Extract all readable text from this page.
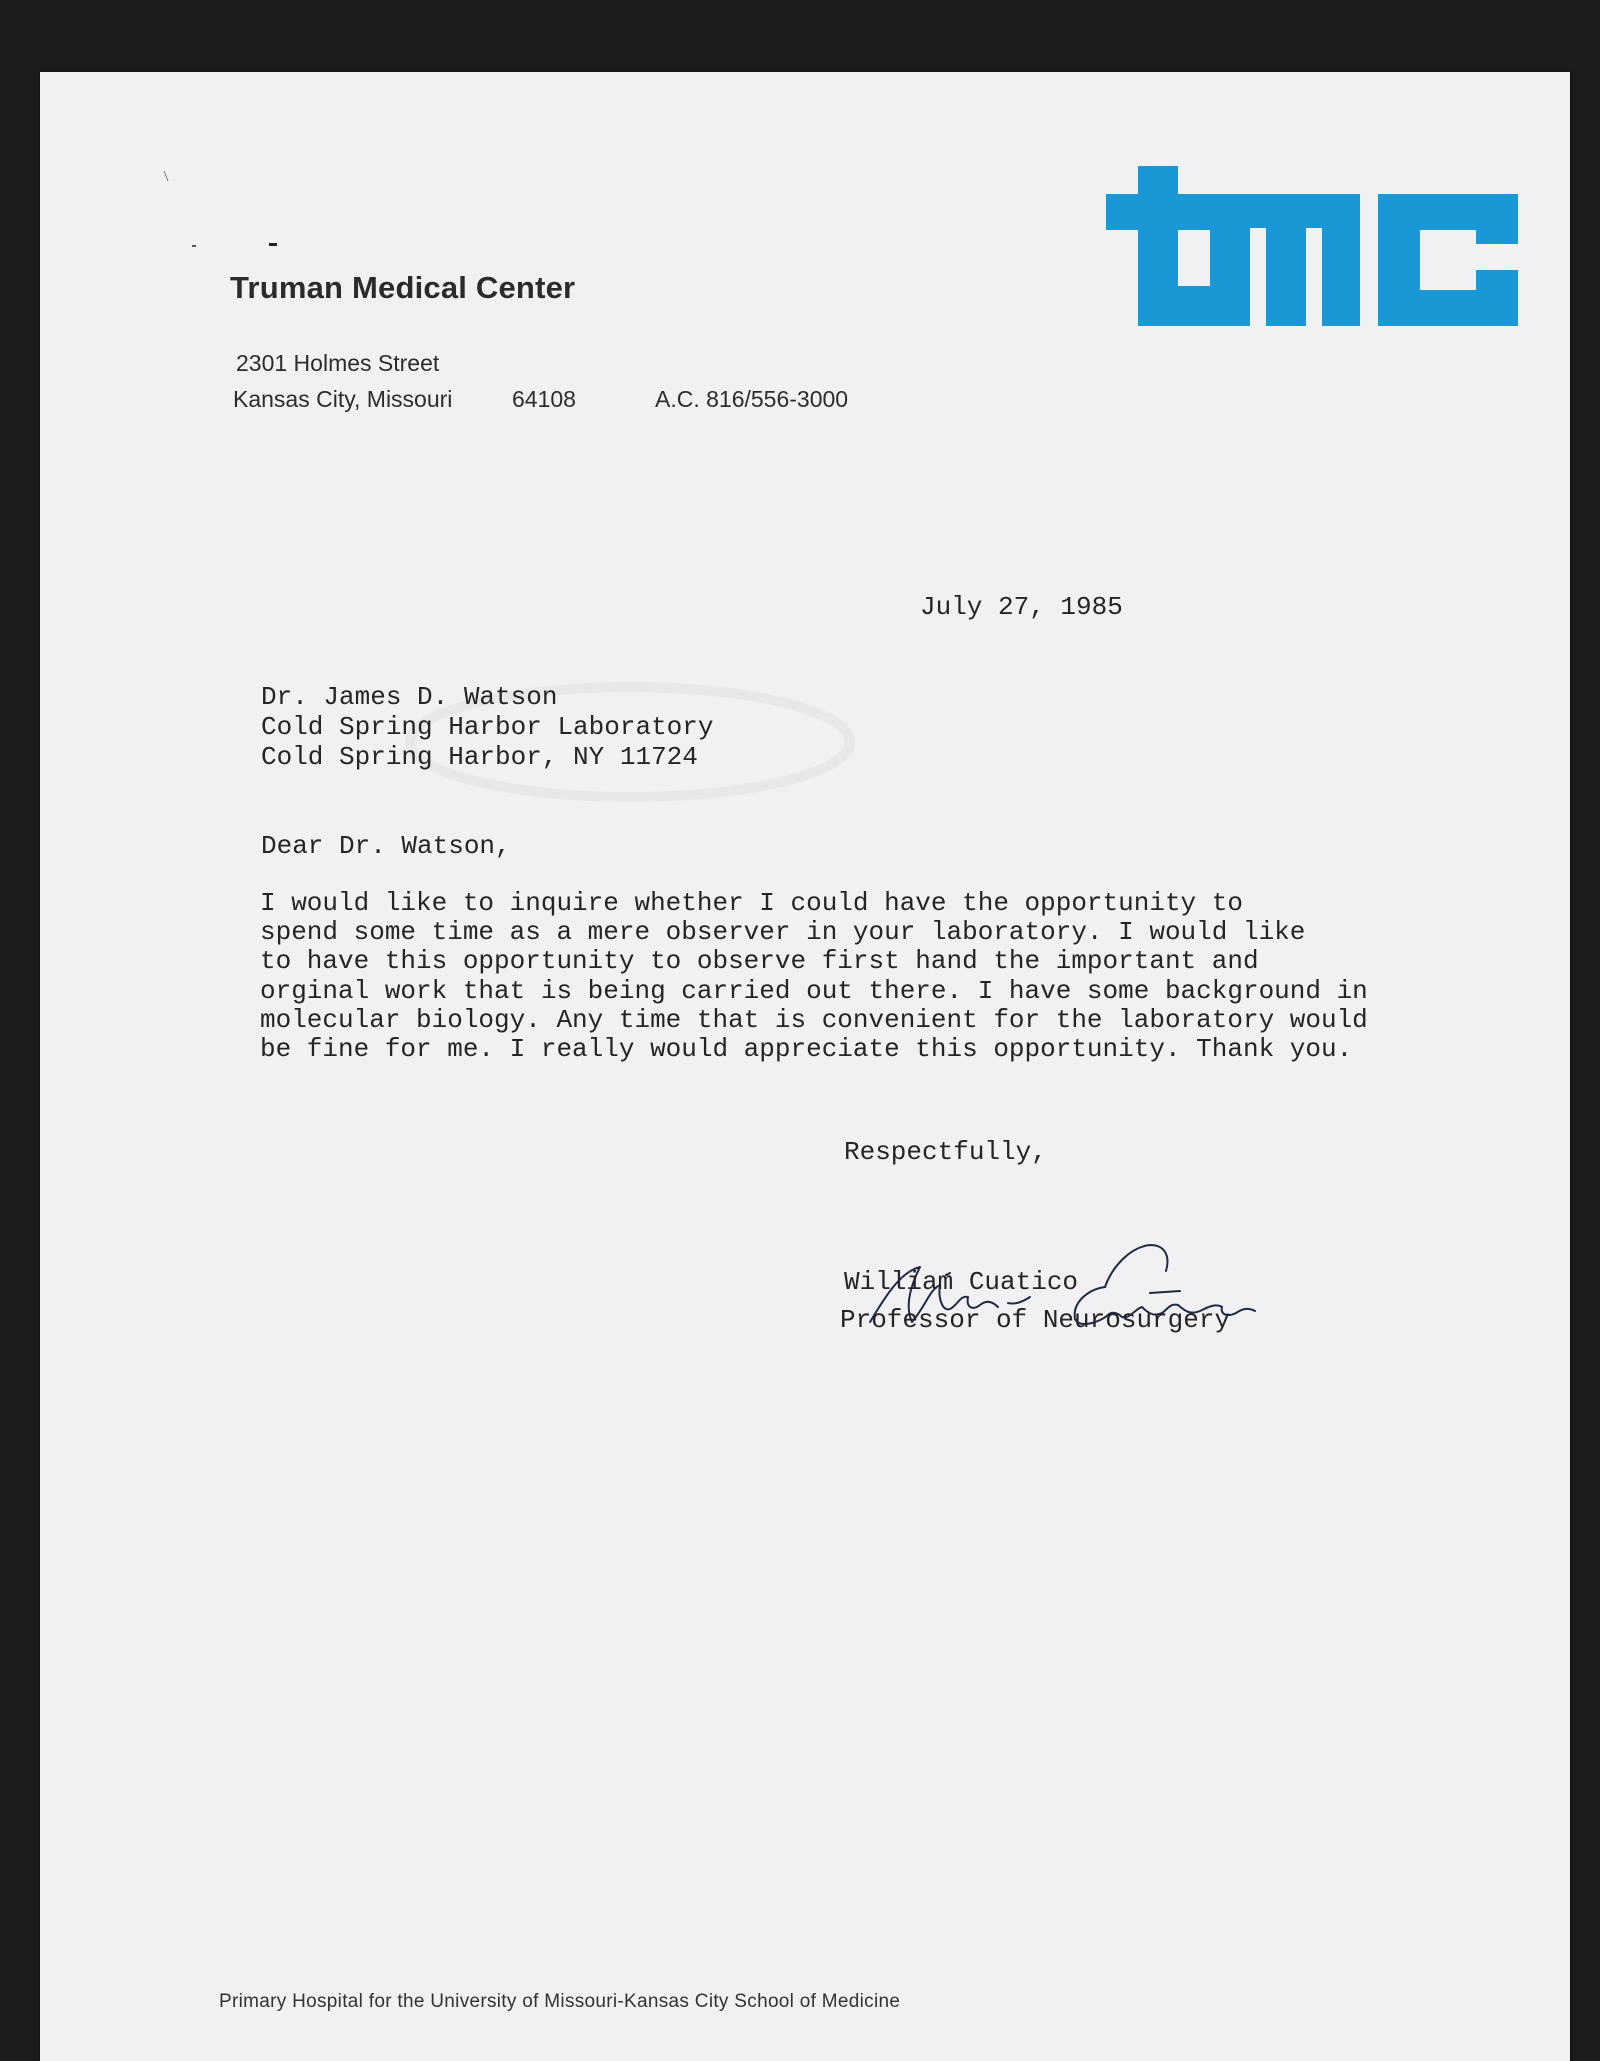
Truman Medical Center
2301 Holmes Street
Kansas City, Missouri	64108	A.C. 816/556-3000
July 27, 1985
Dr. James D. Watson
Cold Spring Harbor Laboratory
Cold Spring Harbor, NY 11724
Dear Dr. Watson,

I would like to inquire whether I could have the opportunity to

spend some time as a mere observer in your laboratory. I would like

to have this opportunity to observe first hand the important and

orginal work that is being carried out there. I have some background in

molecular biology. Any time that is convenient for the laboratory would

be fine for me. I really would appreciate this opportunity. Thank you.

Respectfully,
William Cuatico
Professor of Neurosurgery
Primary Hospital for the University of Missouri-Kansas City School of Medicine
